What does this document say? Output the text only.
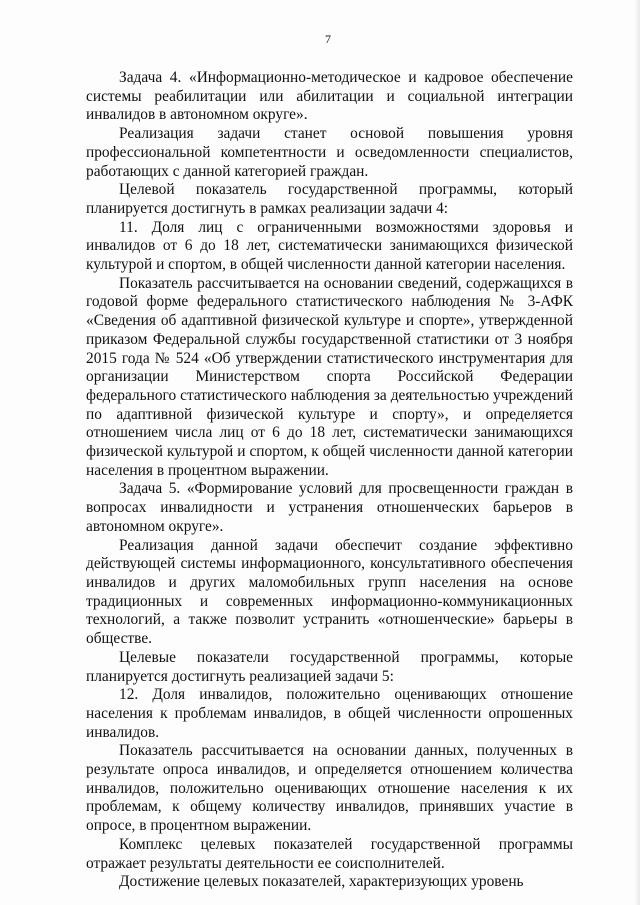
7

Задача 4. «Информационно-методическое и кадровое обеспечение системы реабилитации или абилитации и социальной интеграции инвалидов в автономном округе».

Реализация задачи станет основой повышения уровня профессиональной компетентности и осведомленности специалистов, работающих с данной категорией граждан.

Целевой показатель государственной программы, который планируется достигнуть в рамках реализации задачи 4:

11. Доля лиц с ограниченными возможностями здоровья и инвалидов от 6 до 18 лет, систематически занимающихся физической культурой и спортом, в общей численности данной категории населения.

Показатель рассчитывается на основании сведений, содержащихся в годовой форме федерального статистического наблюдения № 3-АФК «Сведения об адаптивной физической культуре и спорте», утвержденной приказом Федеральной службы государственной статистики от 3 ноября 2015 года № 524 «Об утверждении статистического инструментария для организации Министерством спорта Российской Федерации федерального статистического наблюдения за деятельностью учреждений по адаптивной физической культуре и спорту», и определяется отношением числа лиц от 6 до 18 лет, систематически занимающихся физической культурой и спортом, к общей численности данной категории населения в процентном выражении.

Задача 5. «Формирование условий для просвещенности граждан в вопросах инвалидности и устранения отношенческих барьеров в автономном округе».

Реализация данной задачи обеспечит создание эффективно действующей системы информационного, консультативного обеспечения инвалидов и других маломобильных групп населения на основе традиционных и современных информационно-коммуникационных технологий, а также позволит устранить «отношенческие» барьеры в обществе.

Целевые показатели государственной программы, которые планируется достигнуть реализацией задачи 5:

12. Доля инвалидов, положительно оценивающих отношение населения к проблемам инвалидов, в общей численности опрошенных инвалидов.

Показатель рассчитывается на основании данных, полученных в результате опроса инвалидов, и определяется отношением количества инвалидов, положительно оценивающих отношение населения к их проблемам, к общему количеству инвалидов, принявших участие в опросе, в процентном выражении.

Комплекс целевых показателей государственной программы отражает результаты деятельности ее соисполнителей.

Достижение целевых показателей, характеризующих уровень
